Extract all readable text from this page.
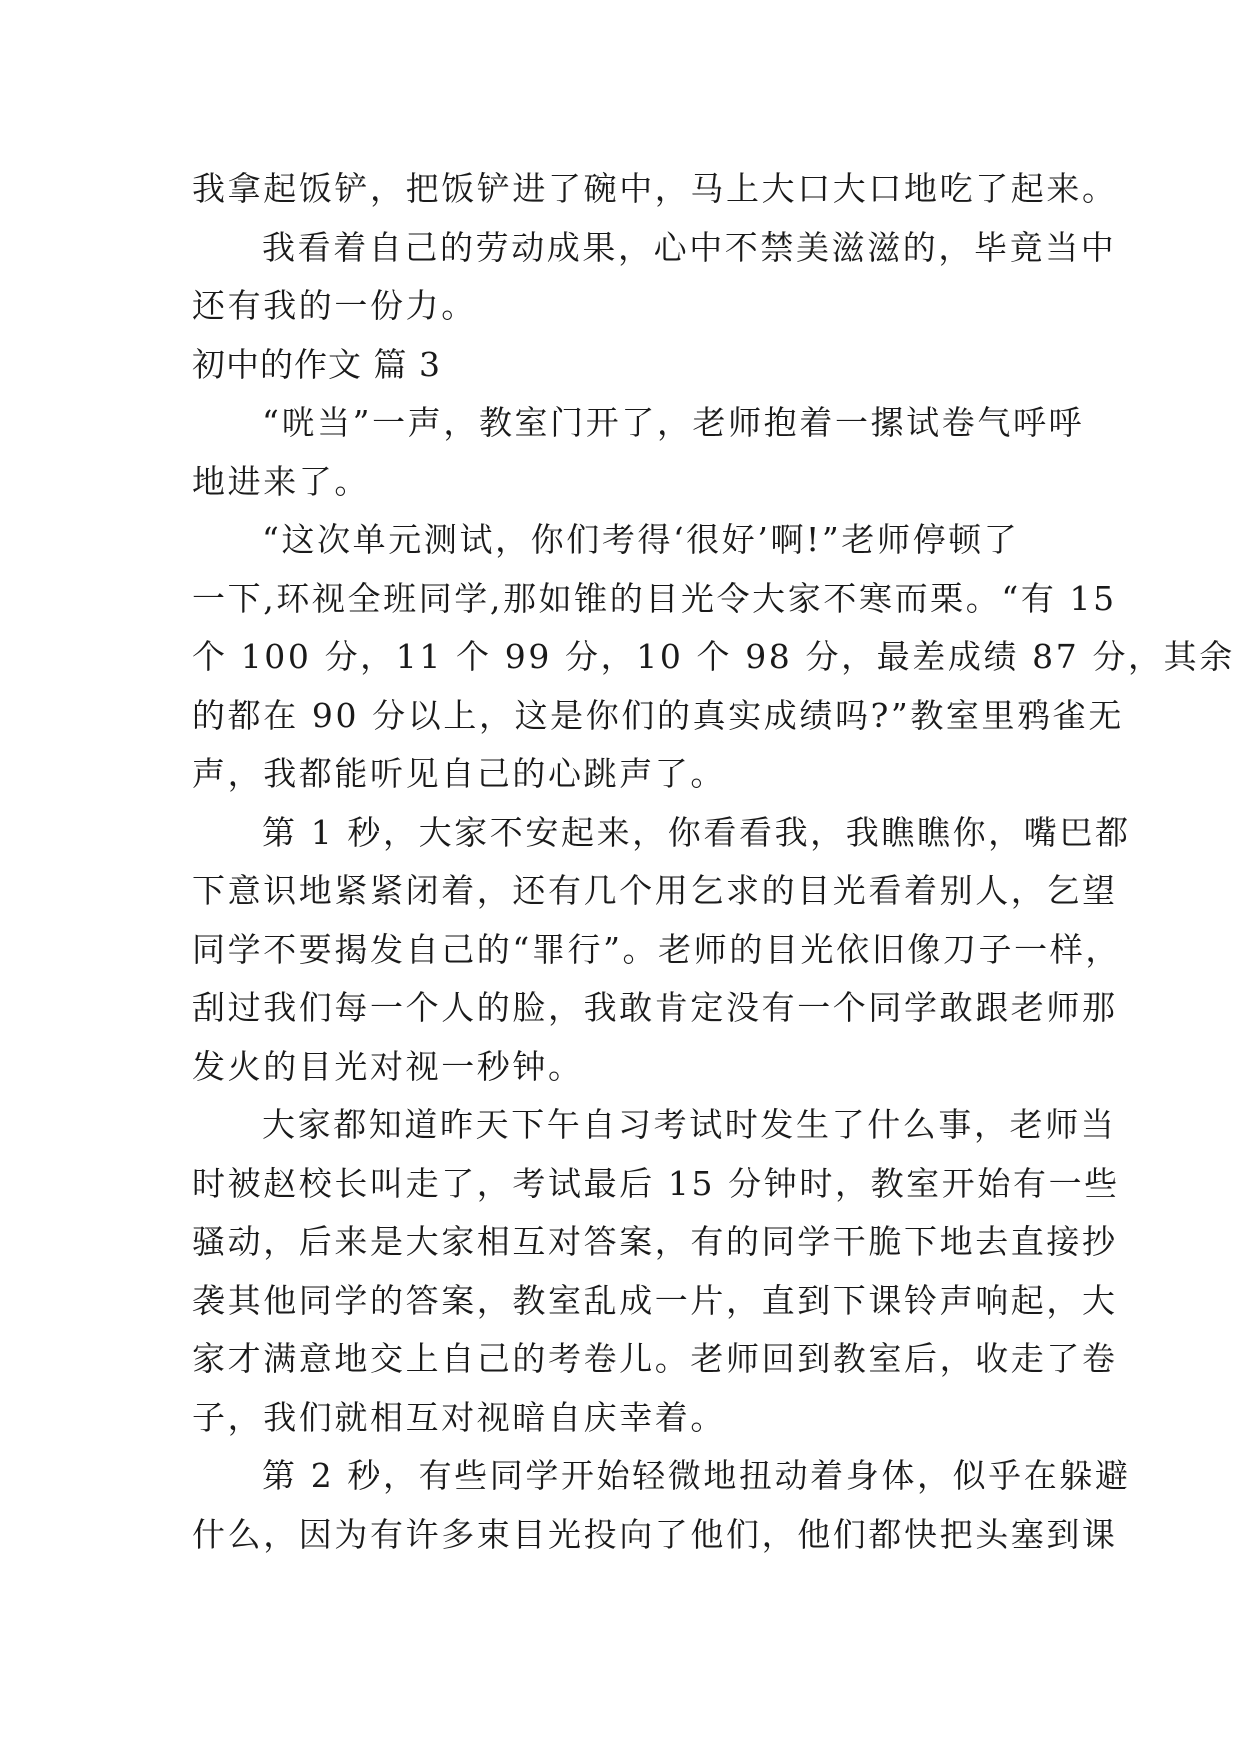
我拿起饭铲，把饭铲进了碗中，马上大口大口地吃了起来。
我看着自己的劳动成果，心中不禁美滋滋的，毕竟当中
还有我的一份力。
初中的作文 篇 3
“咣当”一声，教室门开了，老师抱着一摞试卷气呼呼
地进来了。
“这次单元测试，你们考得‘很好’啊!”老师停顿了
一下,环视全班同学,那如锥的目光令大家不寒而栗。“有 15
个 100 分，11 个 99 分，10 个 98 分，最差成绩 87 分，其余
的都在 90 分以上，这是你们的真实成绩吗?”教室里鸦雀无
声，我都能听见自己的心跳声了。
第 1 秒，大家不安起来，你看看我，我瞧瞧你，嘴巴都
下意识地紧紧闭着，还有几个用乞求的目光看着别人，乞望
同学不要揭发自己的“罪行”。老师的目光依旧像刀子一样，
刮过我们每一个人的脸，我敢肯定没有一个同学敢跟老师那
发火的目光对视一秒钟。
大家都知道昨天下午自习考试时发生了什么事，老师当
时被赵校长叫走了，考试最后 15 分钟时，教室开始有一些
骚动，后来是大家相互对答案，有的同学干脆下地去直接抄
袭其他同学的答案，教室乱成一片，直到下课铃声响起，大
家才满意地交上自己的考卷儿。老师回到教室后，收走了卷
子，我们就相互对视暗自庆幸着。
第 2 秒，有些同学开始轻微地扭动着身体，似乎在躲避
什么，因为有许多束目光投向了他们，他们都快把头塞到课
